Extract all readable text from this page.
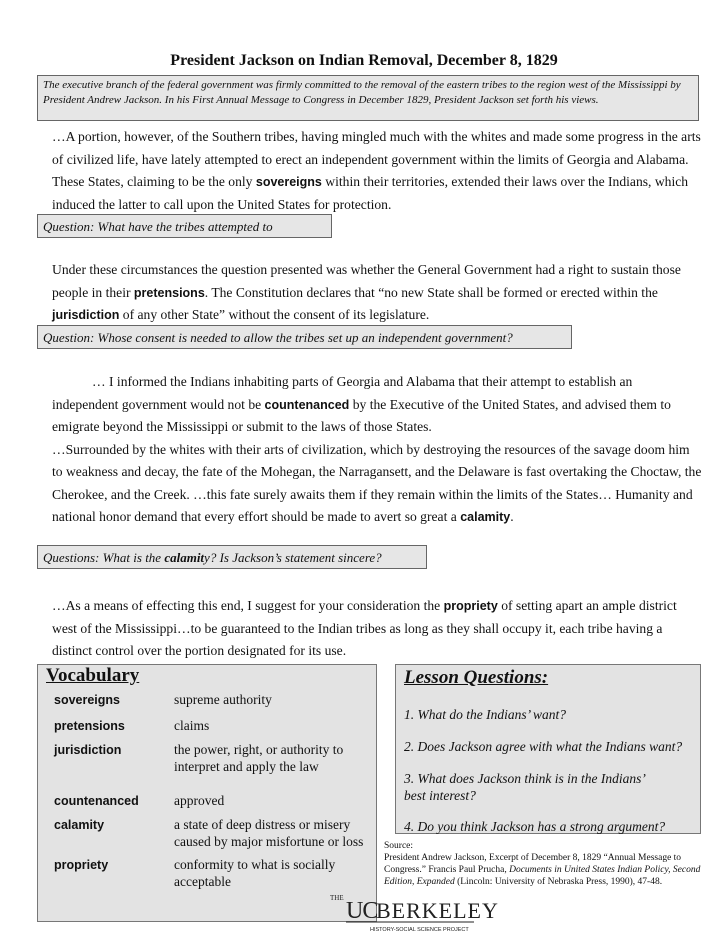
President Jackson on Indian Removal, December 8, 1829
The executive branch of the federal government was firmly committed to the removal of the eastern tribes to the region west of the Mississippi by President Andrew Jackson. In his First Annual Message to Congress in December 1829, President Jackson set forth his views.
…A portion, however, of the Southern tribes, having mingled much with the whites and made some progress in the arts of civilized life, have lately attempted to erect an independent government within the limits of Georgia and Alabama. These States, claiming to be the only sovereigns within their territories, extended their laws over the Indians, which induced the latter to call upon the United States for protection.
Question: What have the tribes attempted to
Under these circumstances the question presented was whether the General Government had a right to sustain those people in their pretensions. The Constitution declares that “no new State shall be formed or erected within the jurisdiction of any other State” without the consent of its legislature.
Question: Whose consent is needed to allow the tribes set up an independent government?
… I informed the Indians inhabiting parts of Georgia and Alabama that their attempt to establish an independent government would not be countenanced by the Executive of the United States, and advised them to emigrate beyond the Mississippi or submit to the laws of those States.
…Surrounded by the whites with their arts of civilization, which by destroying the resources of the savage doom him to weakness and decay, the fate of the Mohegan, the Narragansett, and the Delaware is fast overtaking the Choctaw, the Cherokee, and the Creek. …this fate surely awaits them if they remain within the limits of the States… Humanity and national honor demand that every effort should be made to avert so great a calamity.
Questions: What is the calamity? Is Jackson’s statement sincere?
…As a means of effecting this end, I suggest for your consideration the propriety of setting apart an ample district west of the Mississippi…to be guaranteed to the Indian tribes as long as they shall occupy it, each tribe having a distinct control over the portion designated for its use.
Vocabulary
sovereigns	supreme authority
pretensions	claims
jurisdiction	the power, right, or authority to interpret and apply the law
countenanced	approved
calamity	a state of deep distress or misery caused by major misfortune or loss
propriety	conformity to what is socially acceptable
Lesson Questions:
1. What do the Indians’ want?
2. Does Jackson agree with what the Indians want?
3. What does Jackson think is in the Indians’ best interest?
4. Do you think Jackson has a strong argument?
Source:
President Andrew Jackson, Excerpt of December 8, 1829 “Annual Message to Congress.” Francis Paul Prucha, Documents in United States Indian Policy, Second Edition, Expanded (Lincoln: University of Nebraska Press, 1990), 47-48.
THE UC
BERKELEY
HISTORY-SOCIAL SCIENCE PROJECT
